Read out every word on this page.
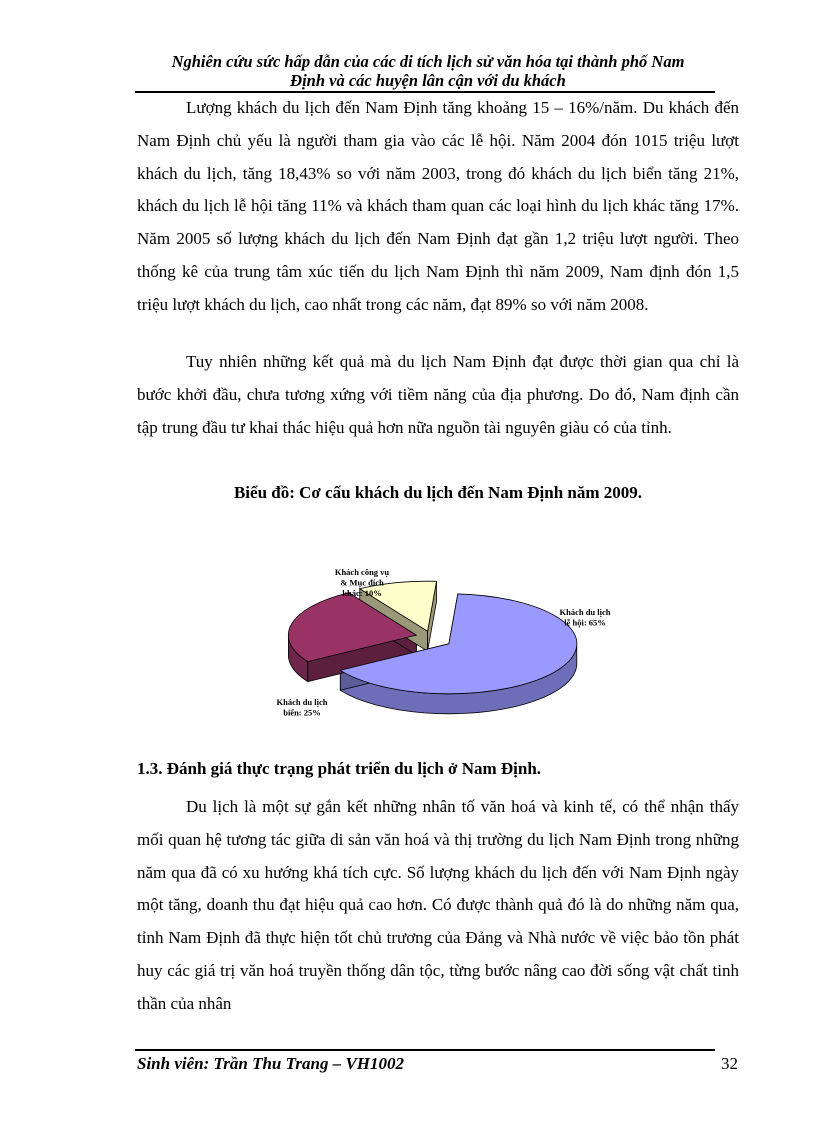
Nghiên cứu sức hấp dẫn của các di tích lịch sử văn hóa tại thành phố Nam
Định và các huyện lân cận với du khách

Lượng khách du lịch đến Nam Định tăng khoảng 15 – 16%/năm. Du khách đến Nam Định chủ yếu là người tham gia vào các lễ hội. Năm 2004 đón 1015 triệu lượt khách du lịch, tăng 18,43% so với năm 2003, trong đó khách du lịch biển tăng 21%, khách du lịch lễ hội tăng 11% và khách tham quan các loại hình du lịch khác tăng 17%. Năm 2005 số lượng khách du lịch đến Nam Định đạt gần 1,2 triệu lượt người. Theo thống kê của trung tâm xúc tiến du lịch Nam Định thì năm 2009, Nam định đón 1,5 triệu lượt khách du lịch, cao nhất trong các năm, đạt 89% so với năm 2008.

Tuy nhiên những kết quả mà du lịch Nam Định đạt được thời gian qua chỉ là bước khởi đầu, chưa tương xứng với tiềm năng của địa phương. Do đó, Nam định cần tập trung đầu tư khai thác hiệu quả hơn nữa nguồn tài nguyên giàu có của tỉnh.

Biểu đồ: Cơ cấu khách du lịch đến Nam Định năm 2009.
Khách du lịch lễ hội: 65%
Khách du lịch biển: 25%
Khách công vụ & Mục đích khác: 10%
1.3. Đánh giá thực trạng phát triển du lịch ở Nam Định.

Du lịch là một sự gắn kết những nhân tố văn hoá và kinh tế, có thể nhận thấy mối quan hệ tương tác giữa di sản văn hoá và thị trường du lịch Nam Định trong những năm qua đã có xu hướng khá tích cực. Số lượng khách du lịch đến với Nam Định ngày một tăng, doanh thu đạt hiệu quả cao hơn. Có được thành quả đó là do những năm qua, tỉnh Nam Định đã thực hiện tốt chủ trương của Đảng và Nhà nước về việc bảo tồn phát huy các giá trị văn hoá truyền thống dân tộc, từng bước nâng cao đời sống vật chất tinh thần của nhân

Sinh viên: Trần Thu Trang – VH1002	32
